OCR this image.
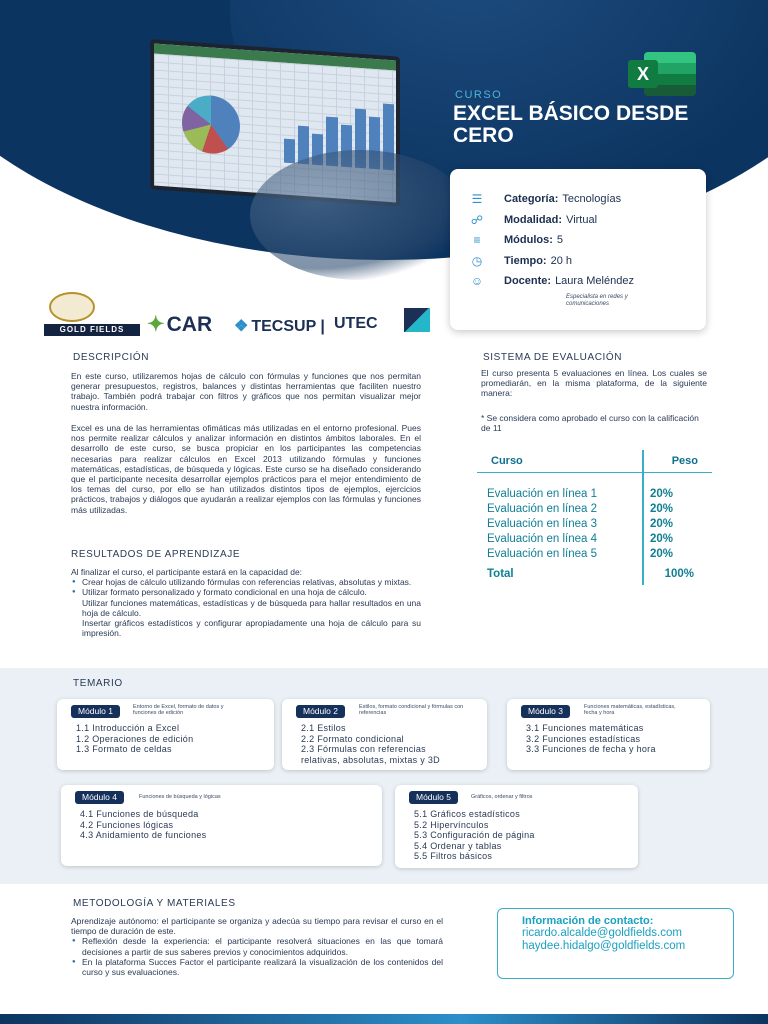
X
CURSO
EXCEL BÁSICO DESDE CERO
☰	Categoría: Tecnologías
☍ Modalidad: Virtual
≡	Módulos: 5
◷	Tiempo: 20 h
☺ Docente: Laura Meléndez
Especialista en redes y comunicaciones
GOLD FIELDS	✦CAR ❖ TECSUP | UTEC
DESCRIPCIÓN
En este curso, utilizaremos hojas de cálculo con fórmulas y funciones que nos permitan generar presupuestos, registros, balances y distintas herramientas que faciliten nuestro trabajo. También podrá trabajar con filtros y gráficos que nos permitan visualizar mejor nuestra información.
Excel es una de las herramientas ofimáticas más utilizadas en el entorno profesional. Pues nos permite realizar cálculos y analizar información en distintos ámbitos laborales. En el desarrollo de este curso, se busca propiciar en los participantes las competencias necesarias para realizar cálculos en Excel 2013 utilizando fórmulas y funciones matemáticas, estadísticas, de búsqueda y lógicas. Este curso se ha diseñado considerando que el participante necesita desarrollar ejemplos prácticos para el mejor entendimiento de los temas del curso, por ello se han utilizados distintos tipos de ejemplos, ejercicios prácticos, trabajos y diálogos que ayudarán a realizar ejemplos con las fórmulas y funciones más utilizadas.
RESULTADOS DE APRENDIZAJE
Al finalizar el curso, el participante estará en la capacidad de:
● Crear hojas de cálculo utilizando fórmulas con referencias relativas, absolutas y mixtas.
● Utilizar formato personalizado y formato condicional en una hoja de cálculo.
Utilizar funciones matemáticas, estadísticas y de búsqueda para hallar resultados en una hoja de cálculo.
Insertar gráficos estadísticos y configurar apropiadamente una hoja de cálculo para su impresión.
SISTEMA DE EVALUACIÓN
El curso presenta 5 evaluaciones en línea. Los cuales se promediarán, en la misma plataforma, de la siguiente manera:
* Se considera como aprobado el curso con la calificación de 11
Curso	Peso
Evaluación en línea 1	20%
Evaluación en línea 2	20%
Evaluación en línea 3	20%
Evaluación en línea 4	20%
Evaluación en línea 5	20%
Total	100%
TEMARIO
Módulo 1	Entorno de Excel, formato de datos y funciones de edición
1.1 Introducción a Excel
1.2 Operaciones de edición
1.3 Formato de celdas
Módulo 2	Estilos, formato condicional y fórmulas con referencias
2.1 Estilos
2.2 Formato condicional
2.3 Fórmulas con referencias
relativas, absolutas, mixtas y 3D
Módulo 3	Funciones matemáticas, estadísticas, fecha y hora
3.1 Funciones matemáticas
3.2 Funciones estadísticas
3.3 Funciones de fecha y hora
Módulo 4	Funciones de búsqueda y lógicas
4.1 Funciones de búsqueda
4.2 Funciones lógicas
4.3 Anidamiento de funciones
Módulo 5	Gráficos, ordenar y filtros
5.1 Gráficos estadísticos
5.2 Hipervínculos
5.3 Configuración de página
5.4 Ordenar y tablas
5.5 Filtros básicos
METODOLOGÍA Y MATERIALES
Aprendizaje autónomo: el participante se organiza y adecúa su tiempo para revisar el curso en el tiempo de duración de este.
● Reflexión desde la experiencia: el participante resolverá situaciones en las que tomará decisiones a partir de sus saberes previos y conocimientos adquiridos.
● En la plataforma Succes Factor el participante realizará la visualización de los contenidos del curso y sus evaluaciones.
Información de contacto:
ricardo.alcalde@goldfields.com
haydee.hidalgo@goldfields.com
